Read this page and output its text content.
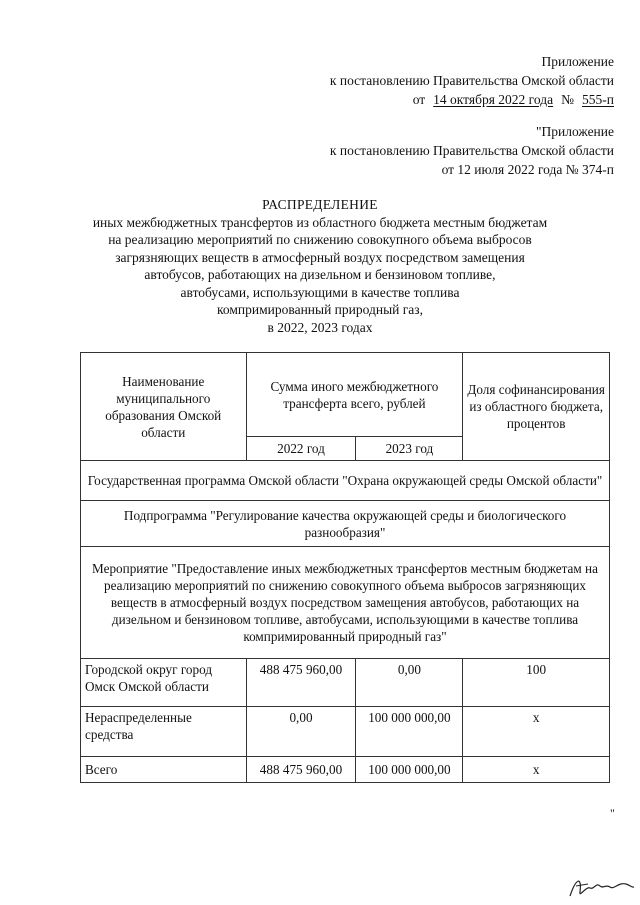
Приложение
к постановлению Правительства Омской области
от 14 октября 2022 года № 555-п
"Приложение
к постановлению Правительства Омской области
от 12 июля 2022 года № 374-п
РАСПРЕДЕЛЕНИЕ
иных межбюджетных трансфертов из областного бюджета местным бюджетам
на реализацию мероприятий по снижению совокупного объема выбросов
загрязняющих веществ в атмосферный воздух посредством замещения
автобусов, работающих на дизельном и бензиновом топливе,
автобусами, использующими в качестве топлива
компримированный природный газ,
в 2022, 2023 годах
Наименование муниципального образования Омской области	Сумма иного межбюджетного трансферта всего, рублей		Доля софинансирования из областного бюджета, процентов
	2022 год	2023 год	
Государственная программа Омской области "Охрана окружающей среды Омской области"			
Подпрограмма "Регулирование качества окружающей среды и биологического разнообразия"			
Мероприятие "Предоставление иных межбюджетных трансфертов местным бюджетам на реализацию мероприятий по снижению совокупного объема выбросов загрязняющих веществ в атмосферный воздух посредством замещения автобусов, работающих на дизельном и бензиновом топливе, автобусами, использующими в качестве топлива компримированный природный газ"			
Городской округ город Омск Омской области	488 475 960,00	0,00	100
Нераспределенные средства	0,00	100 000 000,00	х
Всего	488 475 960,00	100 000 000,00	х
"
